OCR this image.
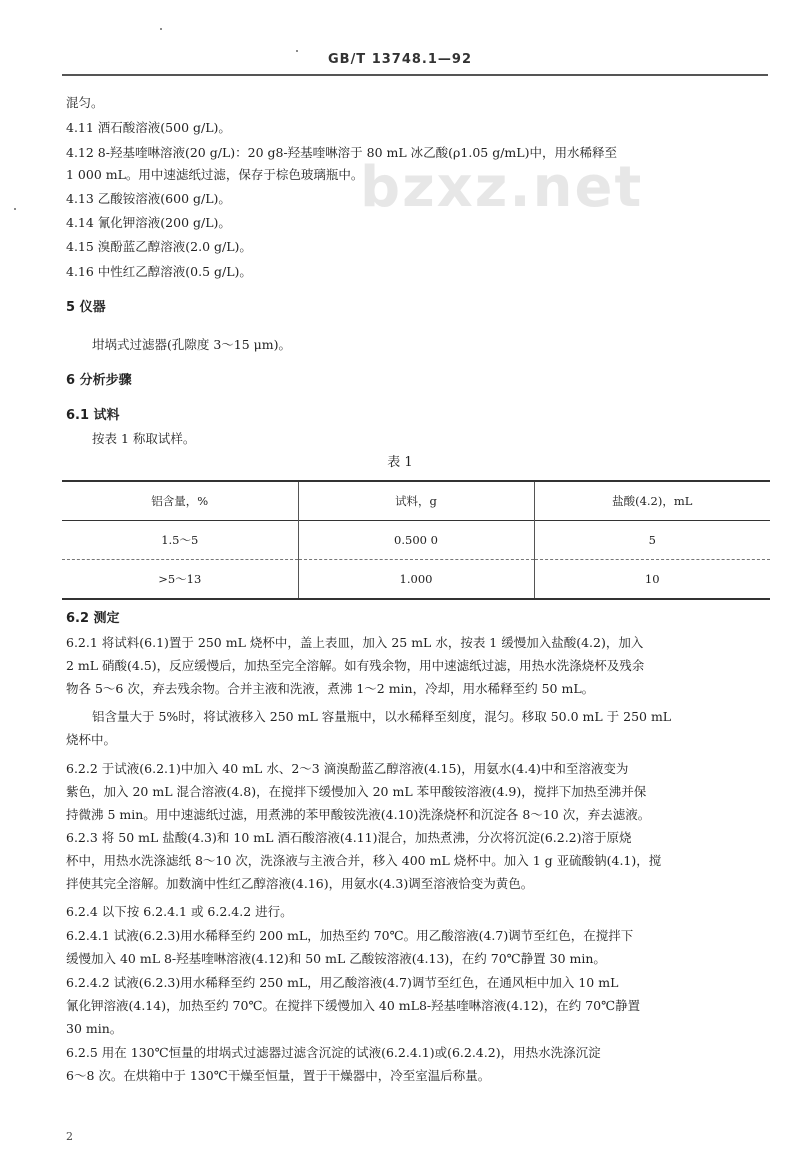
GB/T 13748.1—92
bzxz.net
混匀。
4.11 酒石酸溶液(500 g/L)。
4.12 8-羟基喹啉溶液(20 g/L)：20 g8-羟基喹啉溶于 80 mL 冰乙酸(ρ1.05 g/mL)中，用水稀释至
1 000 mL。用中速滤纸过滤，保存于棕色玻璃瓶中。
4.13 乙酸铵溶液(600 g/L)。
4.14 氰化钾溶液(200 g/L)。
4.15 溴酚蓝乙醇溶液(2.0 g/L)。
4.16 中性红乙醇溶液(0.5 g/L)。
5 仪器
坩埚式过滤器(孔隙度 3～15 μm)。
6 分析步骤
6.1 试料
按表 1 称取试样。
表 1
铝含量，%	试料，g	盐酸(4.2)，mL
1.5～5	0.500 0	5
>5～13	1.000	10
6.2 测定
6.2.1 将试料(6.1)置于 250 mL 烧杯中，盖上表皿，加入 25 mL 水，按表 1 缓慢加入盐酸(4.2)，加入
2 mL 硝酸(4.5)，反应缓慢后，加热至完全溶解。如有残余物，用中速滤纸过滤，用热水洗涤烧杯及残余
物各 5～6 次，弃去残余物。合并主液和洗液，煮沸 1～2 min，冷却，用水稀释至约 50 mL。
铝含量大于 5%时，将试液移入 250 mL 容量瓶中，以水稀释至刻度，混匀。移取 50.0 mL 于 250 mL
烧杯中。
6.2.2 于试液(6.2.1)中加入 40 mL 水、2～3 滴溴酚蓝乙醇溶液(4.15)，用氨水(4.4)中和至溶液变为
紫色，加入 20 mL 混合溶液(4.8)，在搅拌下缓慢加入 20 mL 苯甲酸铵溶液(4.9)，搅拌下加热至沸并保
持微沸 5 min。用中速滤纸过滤，用煮沸的苯甲酸铵洗液(4.10)洗涤烧杯和沉淀各 8～10 次，弃去滤液。
6.2.3 将 50 mL 盐酸(4.3)和 10 mL 酒石酸溶液(4.11)混合，加热煮沸，分次将沉淀(6.2.2)溶于原烧
杯中，用热水洗涤滤纸 8～10 次，洗涤液与主液合并，移入 400 mL 烧杯中。加入 1 g 亚硫酸钠(4.1)，搅
拌使其完全溶解。加数滴中性红乙醇溶液(4.16)，用氨水(4.3)调至溶液恰变为黄色。
6.2.4 以下按 6.2.4.1 或 6.2.4.2 进行。
6.2.4.1 试液(6.2.3)用水稀释至约 200 mL，加热至约 70℃。用乙酸溶液(4.7)调节至红色，在搅拌下
缓慢加入 40 mL 8-羟基喹啉溶液(4.12)和 50 mL 乙酸铵溶液(4.13)，在约 70℃静置 30 min。
6.2.4.2 试液(6.2.3)用水稀释至约 250 mL，用乙酸溶液(4.7)调节至红色，在通风柜中加入 10 mL
氰化钾溶液(4.14)，加热至约 70℃。在搅拌下缓慢加入 40 mL8-羟基喹啉溶液(4.12)，在约 70℃静置
30 min。
6.2.5 用在 130℃恒量的坩埚式过滤器过滤含沉淀的试液(6.2.4.1)或(6.2.4.2)，用热水洗涤沉淀
6～8 次。在烘箱中于 130℃干燥至恒量，置于干燥器中，冷至室温后称量。
2
